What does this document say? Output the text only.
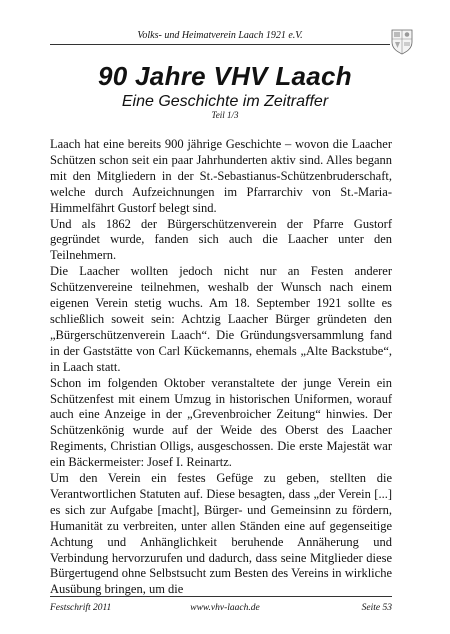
Volks- und Heimatverein Laach 1921 e.V.
90 Jahre VHV Laach
Eine Geschichte im Zeitraffer
Teil 1/3

Laach hat eine bereits 900 jährige Geschichte – wovon die Laacher Schützen schon seit ein paar Jahrhunderten aktiv sind. Alles begann mit den Mitgliedern in der St.-Sebastianus-Schützenbruderschaft, welche durch Aufzeichnungen im Pfarrarchiv von St.-Maria-Himmelfährt Gustorf belegt sind.

Und als 1862 der Bürgerschützenverein der Pfarre Gustorf gegründet wurde, fanden sich auch die Laacher unter den Teilnehmern.

Die Laacher wollten jedoch nicht nur an Festen anderer Schützenvereine teilnehmen, weshalb der Wunsch nach einem eigenen Verein stetig wuchs. Am 18. September 1921 sollte es schließlich soweit sein: Achtzig Laacher Bürger gründeten den „Bürgerschützenverein Laach“. Die Gründungsversammlung fand in der Gaststätte von Carl Kückemanns, ehemals „Alte Backstube“, in Laach statt.

Schon im folgenden Oktober veranstaltete der junge Verein ein Schützenfest mit einem Umzug in historischen Uniformen, worauf auch eine Anzeige in der „Grevenbroicher Zeitung“ hinwies. Der Schützenkönig wurde auf der Weide des Oberst des Laacher Regiments, Christian Olligs, ausgeschossen. Die erste Majestät war ein Bäckermeister: Josef I. Reinartz.

Um den Verein ein festes Gefüge zu geben, stellten die Verantwortlichen Statuten auf. Diese besagten, dass „der Verein [...] es sich zur Aufgabe [macht], Bürger- und Gemeinsinn zu fördern, Humanität zu verbreiten, unter allen Ständen eine auf gegenseitige Achtung und Anhänglichkeit beruhende Annäherung und Verbindung hervorzurufen und dadurch, dass seine Mitglieder diese Bürgertugend ohne Selbstsucht zum Besten des Vereins in wirkliche Ausübung bringen, um die

Festschrift 2011	www.vhv-laach.de	Seite 53
